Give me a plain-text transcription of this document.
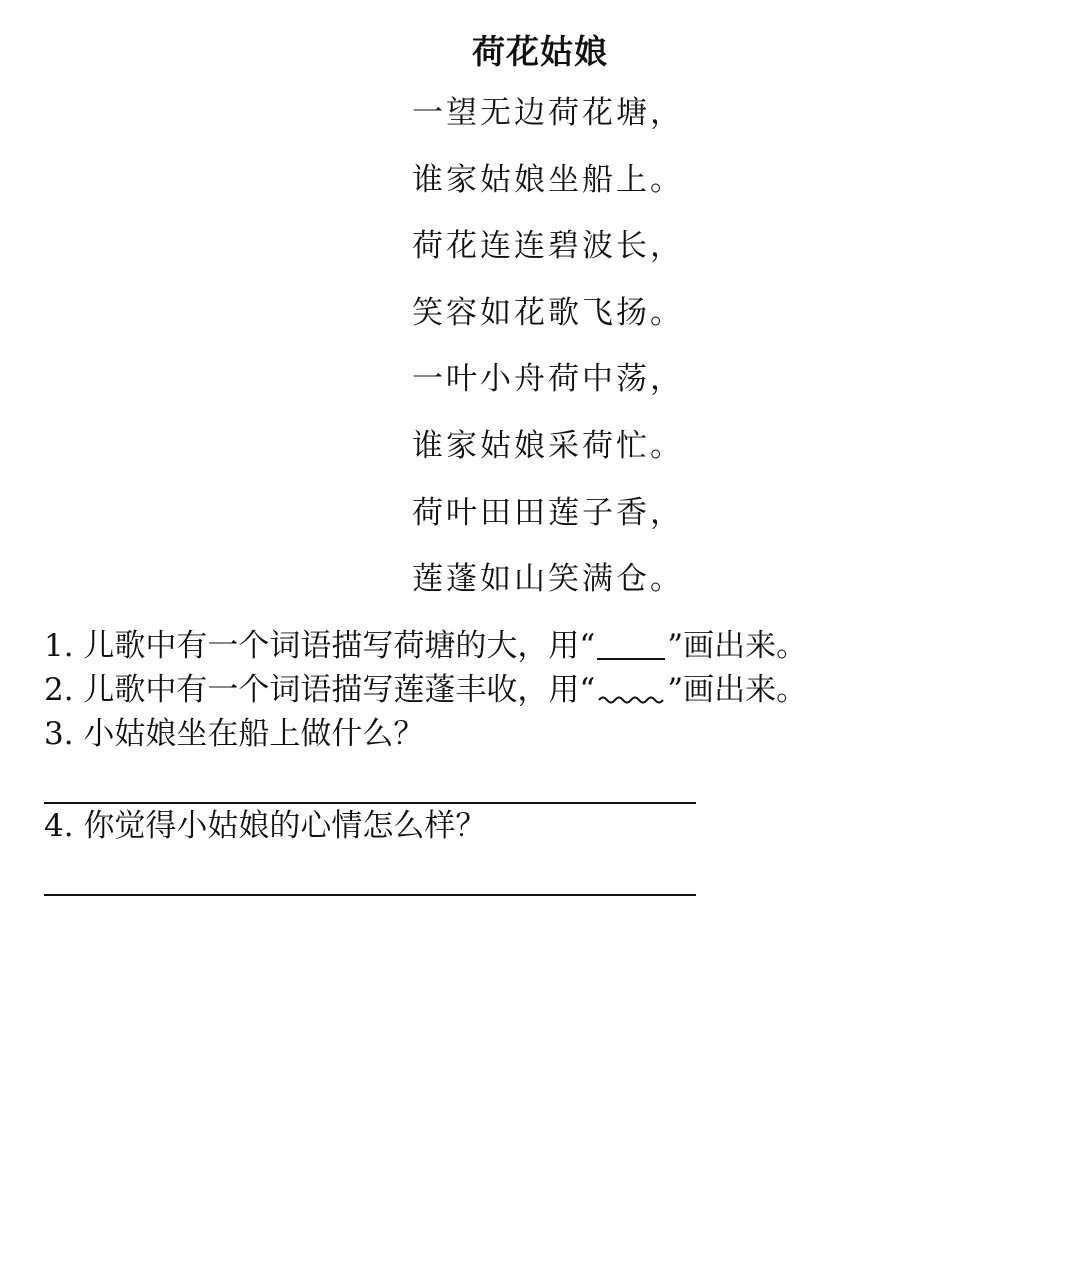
荷花姑娘
一望无边荷花塘，
谁家姑娘坐船上。
荷花连连碧波长，
笑容如花歌飞扬。
一叶小舟荷中荡，
谁家姑娘采荷忙。
荷叶田田莲子香，
莲蓬如山笑满仓。
1. 儿歌中有一个词语描写荷塘的大，用“ ”画出来。
2. 儿歌中有一个词语描写莲蓬丰收，用“ ”画出来。
3. 小姑娘坐在船上做什么？
4. 你觉得小姑娘的心情怎么样？
